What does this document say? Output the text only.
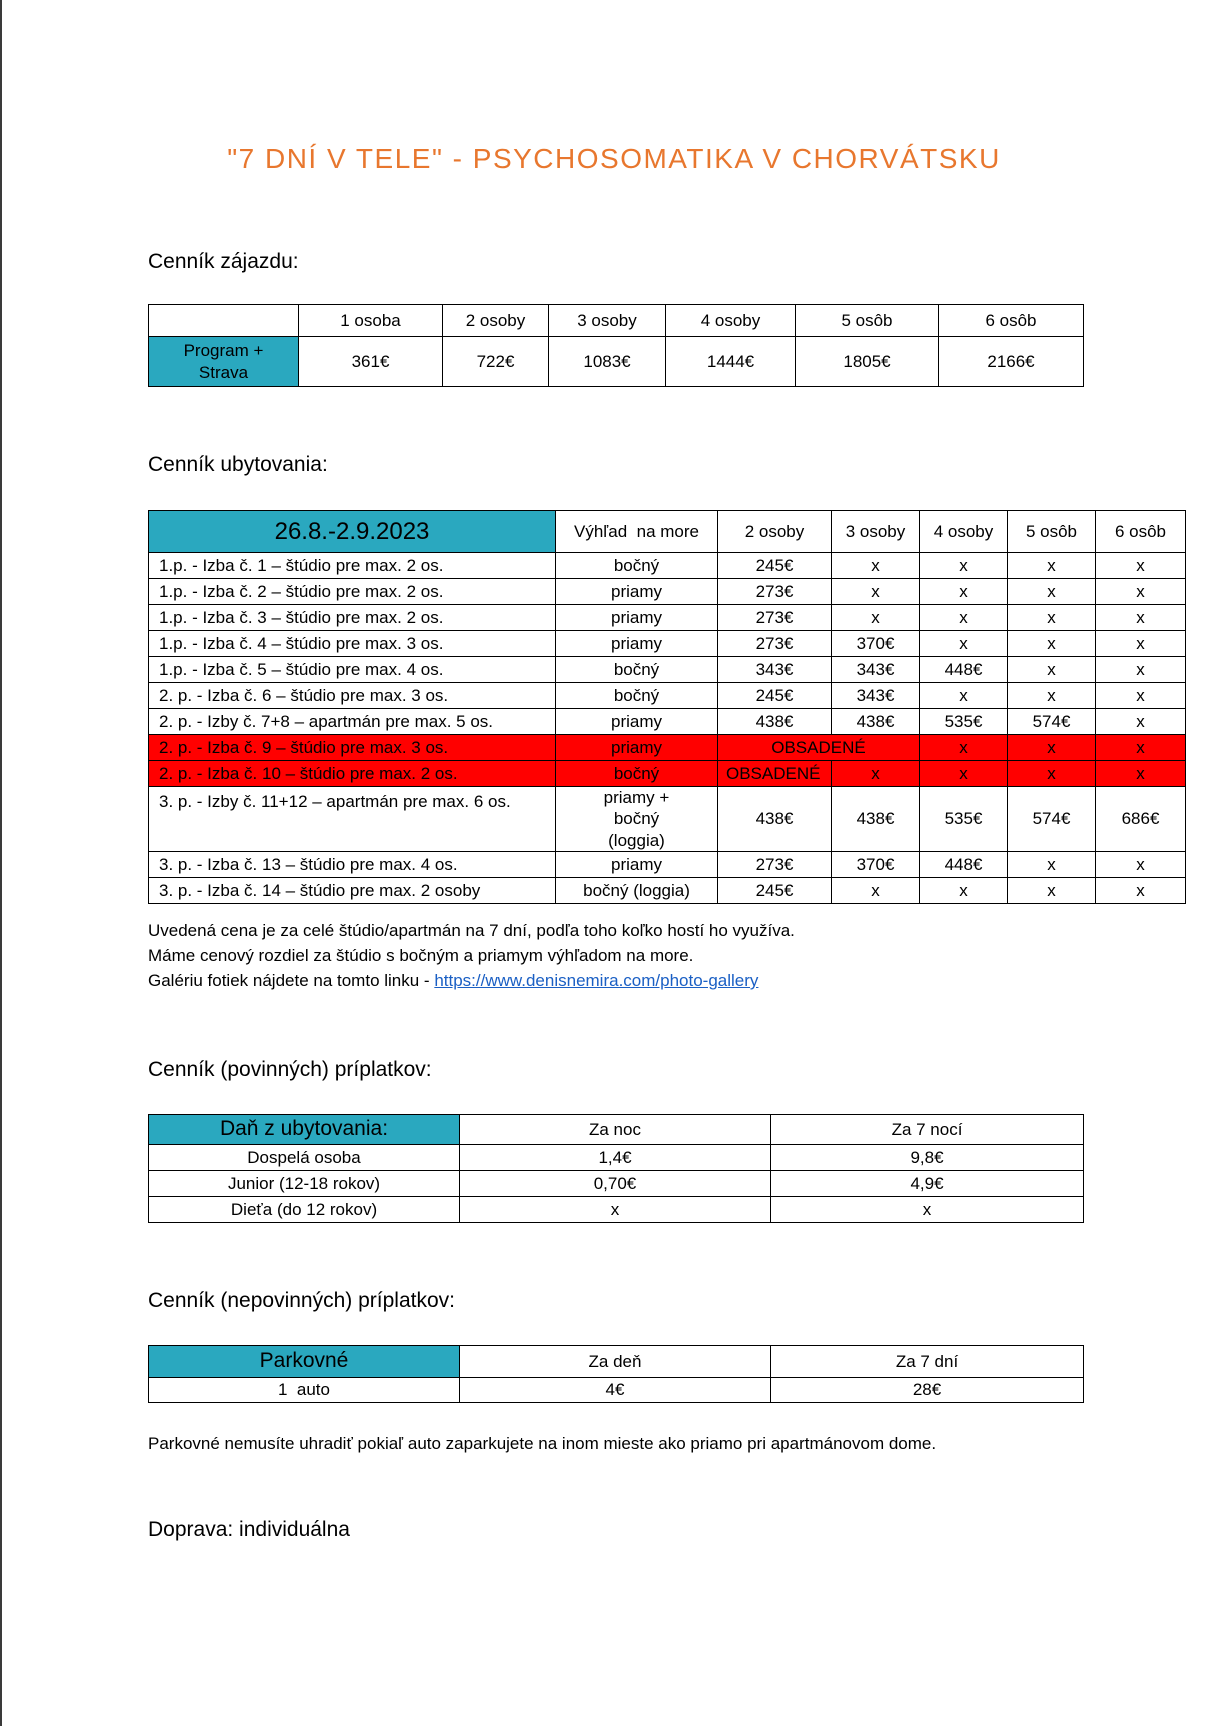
"7 DNÍ V TELE" - PSYCHOSOMATIKA V CHORVÁTSKU
Cenník zájazdu:
	1 osoba	2 osoby	3 osoby	4 osoby	5 osôb	6 osôb
Program + Strava	361€	722€	1083€	1444€	1805€	2166€
Cenník ubytovania:
26.8.-2.9.2023	Výhľad  na more	2 osoby	3 osoby	4 osoby	5 osôb	6 osôb
1.p. - Izba č. 1 – štúdio pre max. 2 os.	bočný	245€	x	x	x	x
1.p. - Izba č. 2 – štúdio pre max. 2 os.	priamy	273€	x	x	x	x
1.p. - Izba č. 3 – štúdio pre max. 2 os.	priamy	273€	x	x	x	x
1.p. - Izba č. 4 – štúdio pre max. 3 os.	priamy	273€	370€	x	x	x
1.p. - Izba č. 5 – štúdio pre max. 4 os.	bočný	343€	343€	448€	x	x
2. p. - Izba č. 6 – štúdio pre max. 3 os.	bočný	245€	343€	x	x	x
2. p. - Izby č. 7+8 – apartmán pre max. 5 os.	priamy	438€	438€	535€	574€	x
2. p. - Izba č. 9 – štúdio pre max. 3 os.	priamy	OBSADENÉ		x	x	x
2. p. - Izba č. 10 – štúdio pre max. 2 os.	bočný	OBSADENÉ	x	x	x	x
3. p. - Izby č. 11+12 – apartmán pre max. 6 os.	priamy + bočný (loggia)	438€	438€	535€	574€	686€
3. p. - Izba č. 13 – štúdio pre max. 4 os.	priamy	273€	370€	448€	x	x
3. p. - Izba č. 14 – štúdio pre max. 2 osoby	bočný (loggia)	245€	x	x	x	x
Uvedená cena je za celé štúdio/apartmán na 7 dní, podľa toho koľko hostí ho využíva.
Máme cenový rozdiel za štúdio s bočným a priamym výhľadom na more.
Galériu fotiek nájdete na tomto linku - https://www.denisnemira.com/photo-gallery
Cenník (povinných) príplatkov:
Daň z ubytovania:	Za noc	Za 7 nocí
Dospelá osoba	1,4€	9,8€
Junior (12-18 rokov)	0,70€	4,9€
Dieťa (do 12 rokov)	x	x
Cenník (nepovinných) príplatkov:
Parkovné	Za deň	Za 7 dní
1  auto	4€	28€
Parkovné nemusíte uhradiť pokiaľ auto zaparkujete na inom mieste ako priamo pri apartmánovom dome.
Doprava: individuálna
